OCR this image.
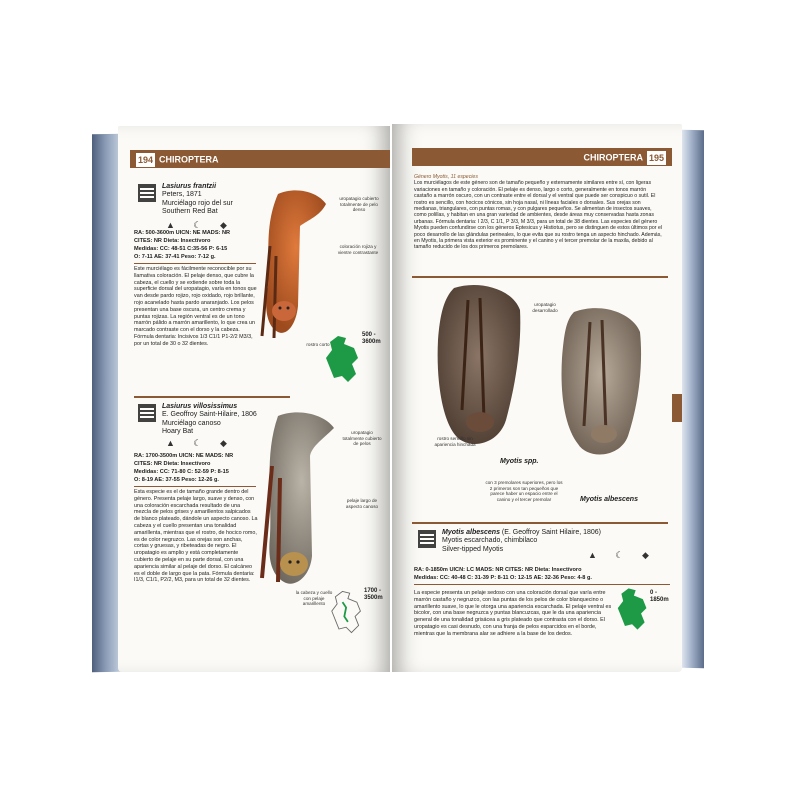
194 CHIROPTERA
Lasiurus frantzii
Peters, 1871
Murciélago rojo del sur
Southern Red Bat
▲ ☾ ◆
uropatagio cubierto totalmente de pelo denso
coloración rojiza y vientre contrastante
rostro corto
RA: 500-3600m UICN: NE MADS: NR
CITES: NR Dieta: Insectívoro
Medidas: CC: 48-51 C:35-56 P: 6-15
O: 7-11 AE: 37-41 Peso: 7-12 g.
Este murciélago es fácilmente reconocible por su llamativa coloración. El pelaje denso, que cubre la cabeza, el cuello y se extiende sobre toda la superficie dorsal del uropatagio, varía en tonos que van desde pardo rojizo, rojo oxidado, rojo brillante, rojo acanelado hasta pardo anaranjado. Los pelos presentan una base oscura, un centro crema y puntas rojizas. La región ventral es de un tono marrón pálido a marrón amarillento, lo que crea un marcado contraste con el dorso y la cabeza. Fórmula dentaria: Incisivos 1/3 C1/1 P1-2/2 M3/3, por un total de 30 o 32 dientes.
500 - 3600m
Lasiurus villosissimus
E. Geoffroy Saint-Hilaire, 1806
Murciélago canoso
Hoary Bat
▲ ☾ ◆
uropatagio totalmente cubierto de pelos
pelaje largo de aspecto canoso
la cabeza y cuello con pelaje amarillento
RA: 1700-3500m UICN: NE MADS: NR
CITES: NR Dieta: Insectívoro
Medidas: CC: 71-80 C: 52-59 P: 8-15
O: 8-19 AE: 37-55 Peso: 12-26 g.
Esta especie es el de tamaño grande dentro del género. Presenta pelaje largo, suave y denso, con una coloración escarchada resultado de una mezcla de pelos grises y amarillentos salpicados de blanco plateado, dándole un aspecto canoso. La cabeza y el cuello presentan una tonalidad amarillenta, mientras que el rostro, de hocico romo, es de color negruzco. Las orejas son anchas, cortas y gruesas, y ribeteadas de negro. El uropatagio es amplio y está completamente cubierto de pelaje en su parte dorsal, con una apariencia similar al pelaje del dorso. El calcáneo es el doble de largo que la pata. Fórmula dentaria: I1/3, C1/1, P2/2, M3, para un total de 32 dientes.
1700 - 3500m
CHIROPTERA 195
Género Myotis, 11 especies
Los murciélagos de este género son de tamaño pequeño y externamente similares entre sí, con ligeras variaciones en tamaño y coloración. El pelaje es denso, largo o corto, generalmente en tonos marrón castaño a marrón oscuro, con un contraste entre el dorsal y el ventral que puede ser conspicuo o sutil. El rostro es sencillo, con hocicos cónicos, sin hoja nasal, ni líneas faciales o dorsales. Sus orejas son medianas, triangulares, con puntas romas, y con pulgares pequeños. Se alimentan de insectos suaves, como polillas, y habitan en una gran variedad de ambientes, desde áreas muy conservadas hasta zonas urbanas. Fórmula dentaria: I 2/3, C 1/1, P 3/3, M 3/3, para un total de 38 dientes. Las especies del género Myotis pueden confundirse con los géneros Eptesicus y Histiotus, pero se distinguen de estos últimos por el poco desarrollo de las glándulas perineales, lo que evita que su rostro tenga un aspecto hinchado. Además, en Myotis, la primera vista exterior es prominente y el canino y el tercer premolar de la maxila, debido al tamaño reducido de los dos primeros premolares.
uropatagio desarrollado
rostro sencillo sin apariencia hinchada
con 3 premolares superiores, pero los 2 primeros son tan pequeños que parece haber un espacio entre el canino y el tercer premolar
Myotis spp.
Myotis albescens
Myotis albescens (E. Geoffroy Saint Hilaire, 1806)
Myotis escarchado, chimbilaco
Silver-tipped Myotis
▲ ☾ ◆
RA: 0-1850m UICN: LC MADS: NR CITES: NR Dieta: Insectívoro
Medidas: CC: 40-48 C: 31-39 P: 8-11 O: 12-15 AE: 32-36 Peso: 4-8 g.
La especie presenta un pelaje sedoso con una coloración dorsal que varía entre marrón castaño y negruzco, con las puntas de los pelos de color blanquecino o amarillento suave, lo que le otorga una apariencia escarchada. El pelaje ventral es bicolor, con una base negruzca y puntas blancuzcas, que le da una apariencia general de una tonalidad grisácea a gris plateado que contrasta con el dorso. El uropatagio es casi desnudo, con una franja de pelos esparcidos en el borde, mientras que la membrana alar se adhiere a la base de los dedos.
0 - 1850m
